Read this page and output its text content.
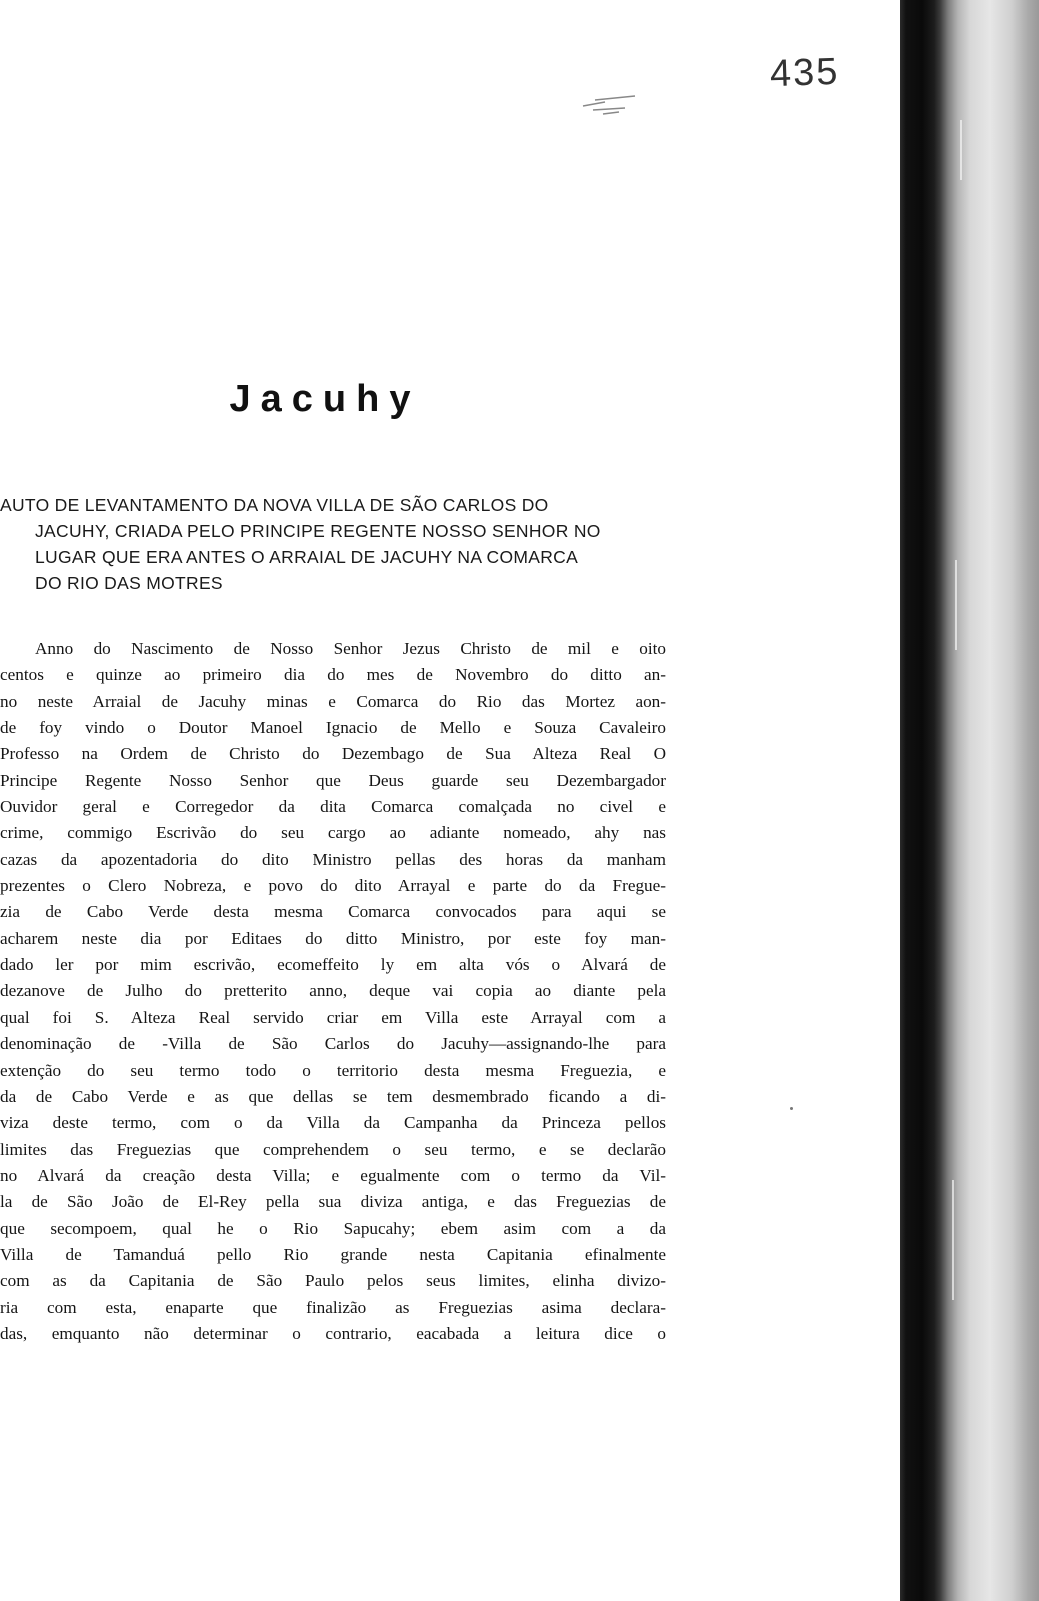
435
Jacuhy
AUTO DE LEVANTAMENTO DA NOVA VILLA DE SÃO CARLOS DO
JACUHY, CRIADA PELO PRINCIPE REGENTE NOSSO SENHOR NO
LUGAR QUE ERA ANTES O ARRAIAL DE JACUHY NA COMARCA
DO RIO DAS MOTRES
Anno do Nascimento de Nosso Senhor Jezus Christo de mil e oito
centos e quinze ao primeiro dia do mes de Novembro do ditto an-
no neste Arraial de Jacuhy minas e Comarca do Rio das Mortez aon-
de foy vindo o Doutor Manoel Ignacio de Mello e Souza Cavaleiro
Professo na Ordem de Christo do Dezembago de Sua Alteza Real O
Principe Regente Nosso Senhor que Deus guarde seu Dezembargador
Ouvidor geral e Corregedor da dita Comarca comalçada no civel e
crime, commigo Escrivão do seu cargo ao adiante nomeado, ahy nas
cazas da apozentadoria do dito Ministro pellas des horas da manham
prezentes o Clero Nobreza, e povo do dito Arrayal e parte do da Fregue-
zia de Cabo Verde desta mesma Comarca convocados para aqui se
acharem neste dia por Editaes do ditto Ministro, por este foy man-
dado ler por mim escrivão, ecomeffeito ly em alta vós o Alvará de
dezanove de Julho do pretterito anno, deque vai copia ao diante pela
qual foi S. Alteza Real servido criar em Villa este Arrayal com a
denominação de -Villa de São Carlos do Jacuhy—assignando-lhe para
extenção do seu termo todo o territorio desta mesma Freguezia, e
da de Cabo Verde e as que dellas se tem desmembrado ficando a di-
viza deste termo, com o da Villa da Campanha da Princeza pellos
limites das Freguezias que comprehendem o seu termo, e se declarão
no Alvará da creação desta Villa; e egualmente com o termo da Vil-
la de São João de El-Rey pella sua diviza antiga, e das Freguezias de
que secompoem, qual he o Rio Sapucahy; ebem asim com a da
Villa de Tamanduá pello Rio grande nesta Capitania efinalmente
com as da Capitania de São Paulo pelos seus limites, elinha divizo-
ria com esta, enaparte que finalizão as Freguezias asima declara-
das, emquanto não determinar o contrario, eacabada a leitura dice o
